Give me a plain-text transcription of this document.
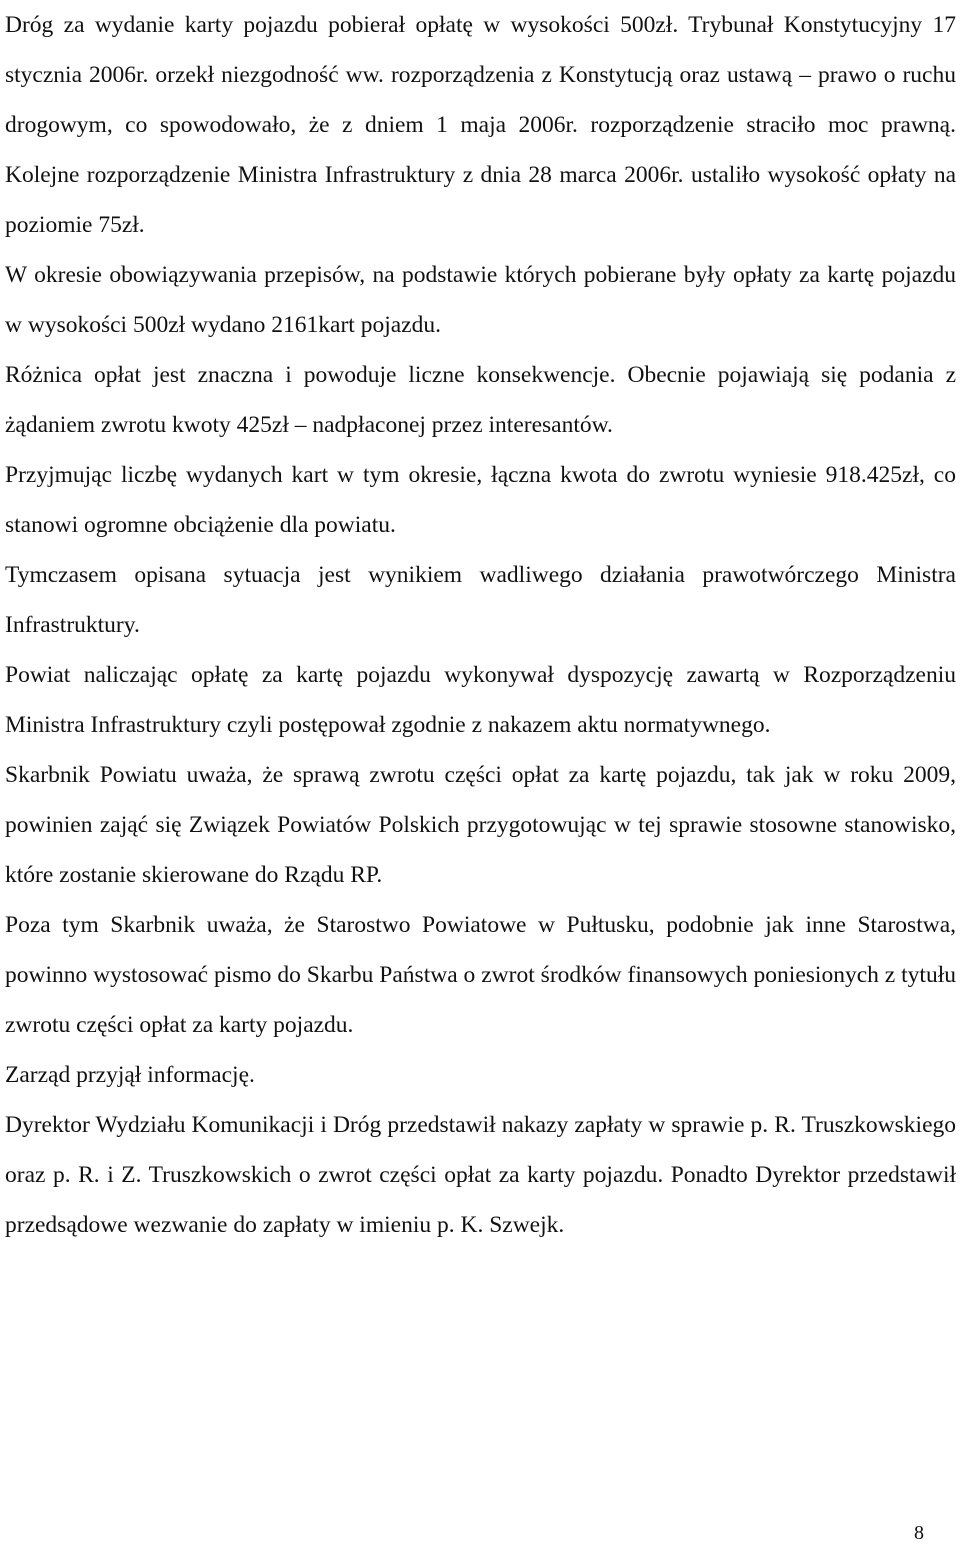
Dróg za wydanie karty pojazdu pobierał opłatę w wysokości 500zł. Trybunał Konstytucyjny 17 stycznia 2006r. orzekł niezgodność ww. rozporządzenia z Konstytucją oraz ustawą – prawo o ruchu drogowym, co spowodowało, że z dniem 1 maja 2006r. rozporządzenie straciło moc prawną. Kolejne rozporządzenie Ministra Infrastruktury z dnia 28 marca 2006r. ustaliło wysokość opłaty na poziomie 75zł.

W okresie obowiązywania przepisów, na podstawie których pobierane były opłaty za kartę pojazdu w wysokości 500zł wydano 2161kart pojazdu.

Różnica opłat jest znaczna i powoduje liczne konsekwencje. Obecnie pojawiają się podania z żądaniem zwrotu kwoty 425zł – nadpłaconej przez interesantów.

Przyjmując liczbę wydanych kart w tym okresie, łączna kwota do zwrotu wyniesie 918.425zł, co stanowi ogromne obciążenie dla powiatu.

Tymczasem opisana sytuacja jest wynikiem wadliwego działania prawotwórczego Ministra Infrastruktury.

Powiat naliczając opłatę za kartę pojazdu wykonywał dyspozycję zawartą w Rozporządzeniu Ministra Infrastruktury czyli postępował zgodnie z nakazem aktu normatywnego.

Skarbnik Powiatu uważa, że sprawą zwrotu części opłat za kartę pojazdu, tak jak w roku 2009, powinien zająć się Związek Powiatów Polskich przygotowując w tej sprawie stosowne stanowisko, które zostanie skierowane do Rządu RP.

Poza tym Skarbnik uważa, że Starostwo Powiatowe w Pułtusku, podobnie jak inne Starostwa, powinno wystosować pismo do Skarbu Państwa o zwrot środków finansowych poniesionych z tytułu zwrotu części opłat za karty pojazdu.

Zarząd przyjął informację.

Dyrektor Wydziału Komunikacji i Dróg przedstawił nakazy zapłaty w sprawie p. R. Truszkowskiego oraz p. R. i Z. Truszkowskich o zwrot części opłat za karty pojazdu. Ponadto Dyrektor przedstawił przedsądowe wezwanie do zapłaty w imieniu p. K. Szwejk.

8
